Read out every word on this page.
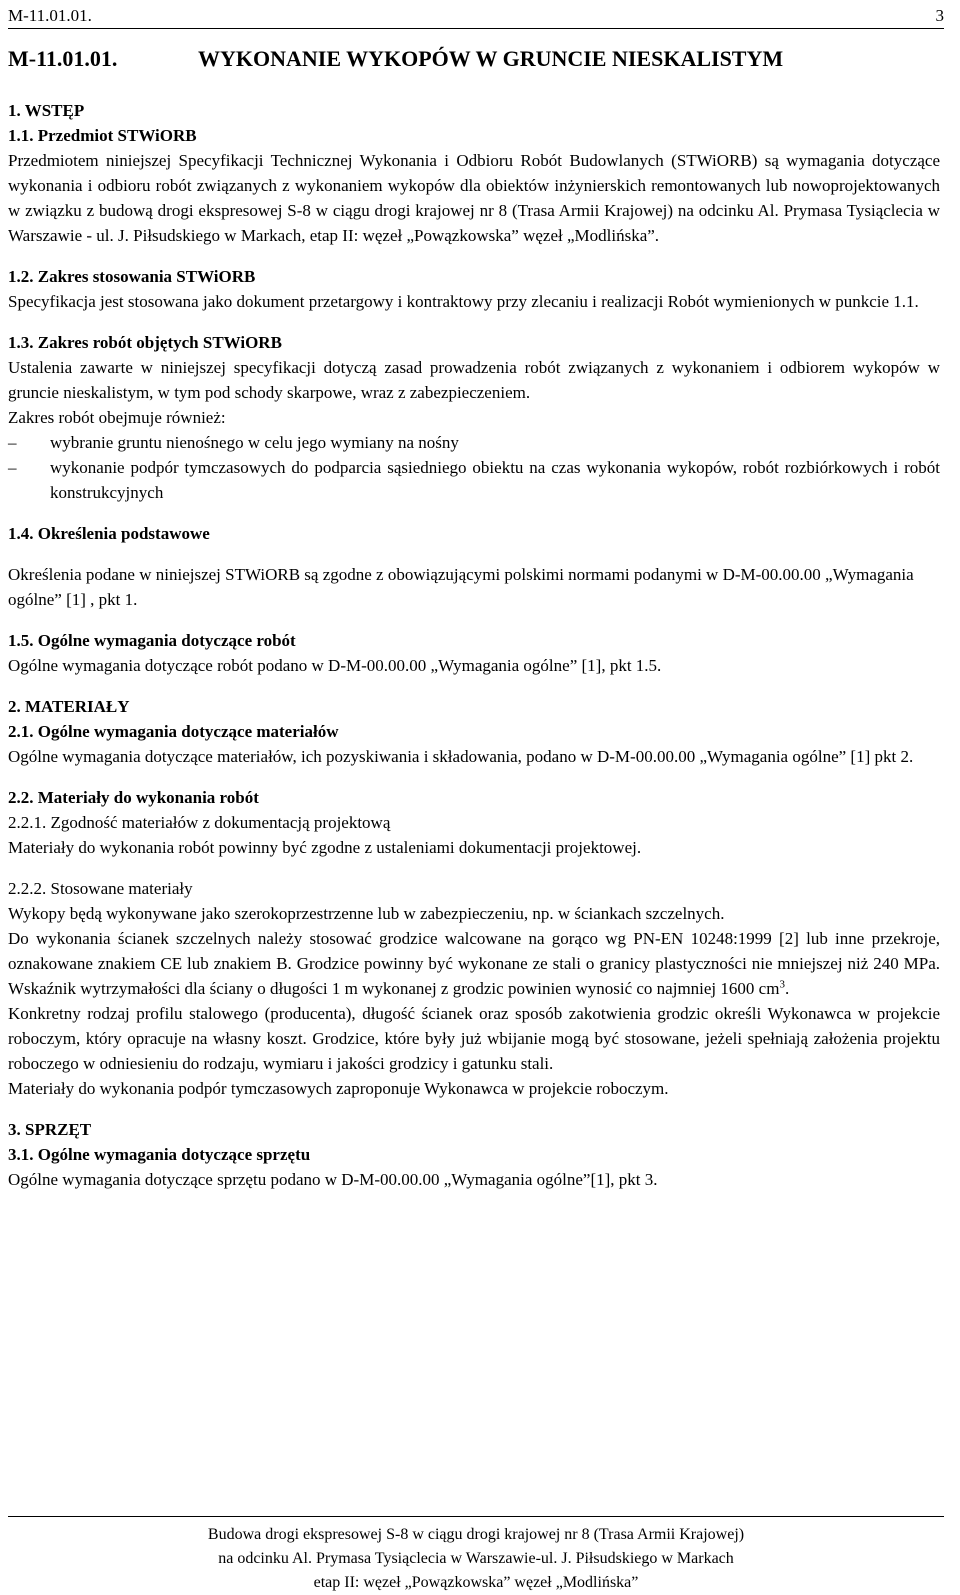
M-11.01.01.	3
M-11.01.01.	WYKONANIE WYKOPÓW W GRUNCIE NIESKALISTYM
1. WSTĘP
1.1. Przedmiot STWiORB
Przedmiotem niniejszej Specyfikacji Technicznej Wykonania i Odbioru Robót Budowlanych (STWiORB) są wymagania dotyczące wykonania i odbioru robót związanych z wykonaniem wykopów dla obiektów inżynierskich remontowanych lub nowoprojektowanych w związku z budową drogi ekspresowej S-8 w ciągu drogi krajowej nr 8 (Trasa Armii Krajowej) na odcinku Al. Prymasa Tysiąclecia w Warszawie - ul. J. Piłsudskiego w Markach, etap II: węzeł „Powązkowska” węzeł „Modlińska”.
1.2. Zakres stosowania STWiORB
Specyfikacja jest stosowana jako dokument przetargowy i kontraktowy przy zlecaniu i realizacji Robót wymienionych w punkcie 1.1.
1.3. Zakres robót objętych STWiORB
Ustalenia zawarte w niniejszej specyfikacji dotyczą zasad prowadzenia robót związanych z wykonaniem i odbiorem wykopów w gruncie nieskalistym, w tym pod schody skarpowe, wraz z zabezpieczeniem.
Zakres robót obejmuje również:
– wybranie gruntu nienośnego w celu jego wymiany na nośny
– wykonanie podpór tymczasowych do podparcia sąsiedniego obiektu na czas wykonania wykopów, robót rozbiórkowych i robót konstrukcyjnych
1.4. Określenia podstawowe
Określenia podane w niniejszej STWiORB są zgodne z obowiązującymi polskimi normami podanymi w D-M-00.00.00 „Wymagania ogólne” [1] , pkt 1.
1.5. Ogólne wymagania dotyczące robót
Ogólne wymagania dotyczące robót podano w D-M-00.00.00 „Wymagania ogólne” [1], pkt 1.5.
2. MATERIAŁY
2.1. Ogólne wymagania dotyczące materiałów
Ogólne wymagania dotyczące materiałów, ich pozyskiwania i składowania, podano w D-M-00.00.00 „Wymagania ogólne” [1] pkt 2.
2.2. Materiały do wykonania robót
2.2.1. Zgodność materiałów z dokumentacją projektową
Materiały do wykonania robót powinny być zgodne z ustaleniami dokumentacji projektowej.
2.2.2. Stosowane materiały
Wykopy będą wykonywane jako szerokoprzestrzenne lub w zabezpieczeniu, np. w ściankach szczelnych.
Do wykonania ścianek szczelnych należy stosować grodzice walcowane na gorąco wg PN-EN 10248:1999 [2] lub inne przekroje, oznakowane znakiem CE lub znakiem B. Grodzice powinny być wykonane ze stali o granicy plastyczności nie mniejszej niż 240 MPa. Wskaźnik wytrzymałości dla ściany o długości 1 m wykonanej z grodzic powinien wynosić co najmniej 1600 $cm^3$.
Konkretny rodzaj profilu stalowego (producenta), długość ścianek oraz sposób zakotwienia grodzic określi Wykonawca w projekcie roboczym, który opracuje na własny koszt. Grodzice, które były już wbijanie mogą być stosowane, jeżeli spełniają założenia projektu roboczego w odniesieniu do rodzaju, wymiaru i jakości grodzicy i gatunku stali.
Materiały do wykonania podpór tymczasowych zaproponuje Wykonawca w projekcie roboczym.
3. SPRZĘT
3.1. Ogólne wymagania dotyczące sprzętu
Ogólne wymagania dotyczące sprzętu podano w D-M-00.00.00 „Wymagania ogólne”[1], pkt 3.
Budowa drogi ekspresowej S-8 w ciągu drogi krajowej nr 8 (Trasa Armii Krajowej)
na odcinku Al. Prymasa Tysiąclecia w Warszawie-ul. J. Piłsudskiego w Markach
etap II: węzeł „Powązkowska” węzeł „Modlińska”
